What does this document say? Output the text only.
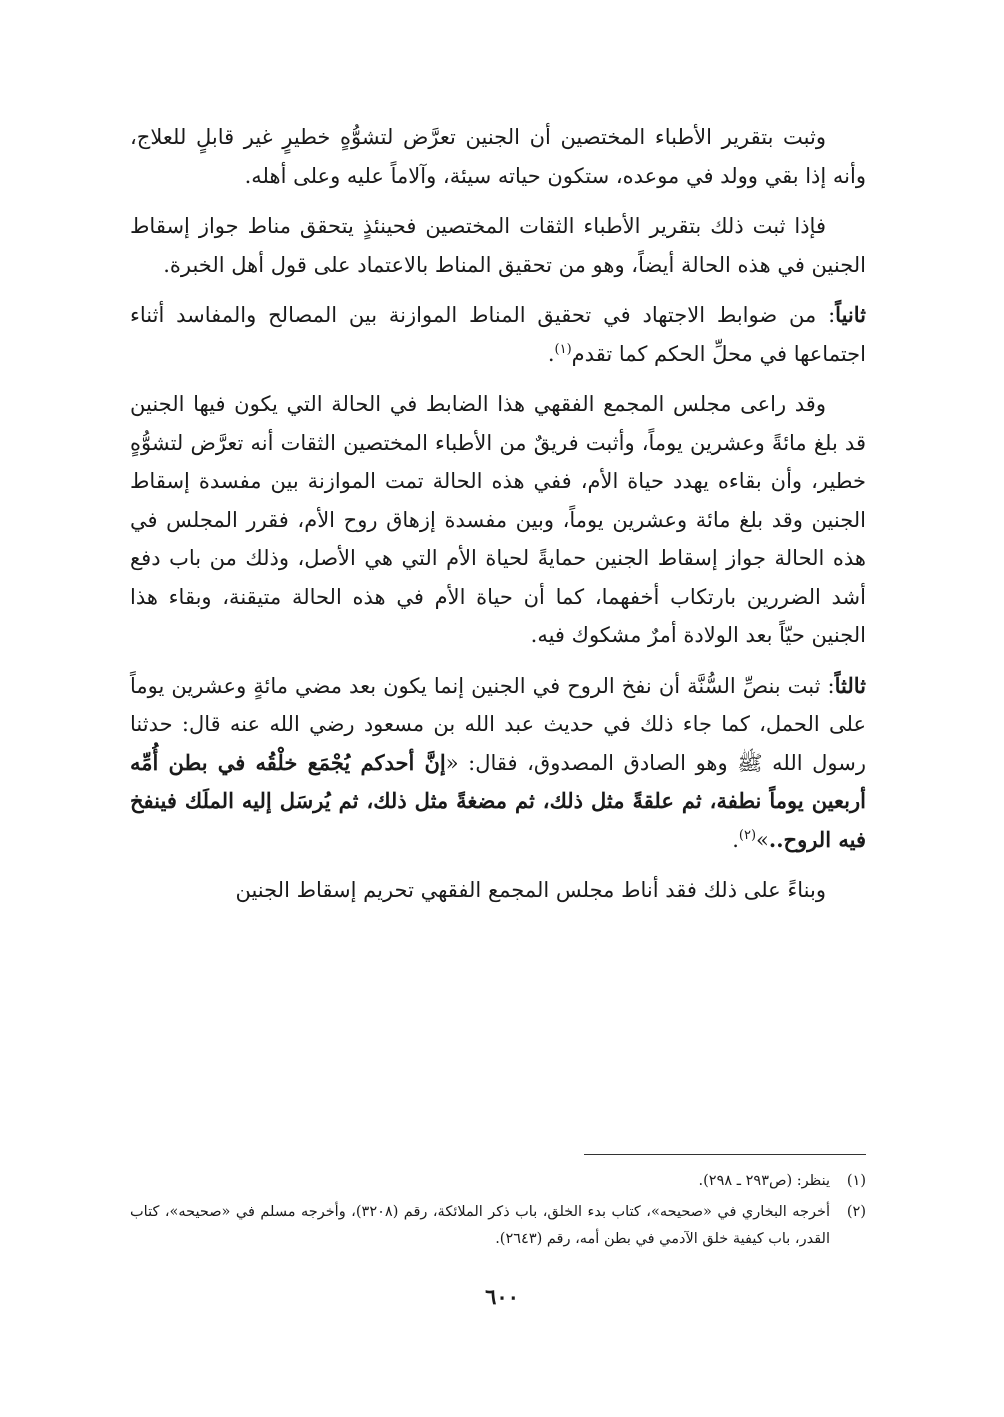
وثبت بتقرير الأطباء المختصين أن الجنين تعرَّض لتشوُّهٍ خطيرٍ غير قابلٍ للعلاج، وأنه إذا بقي وولد في موعده، ستكون حياته سيئة، وآلاماً عليه وعلى أهله.

فإذا ثبت ذلك بتقرير الأطباء الثقات المختصين فحينئذٍ يتحقق مناط جواز إسقاط الجنين في هذه الحالة أيضاً، وهو من تحقيق المناط بالاعتماد على قول أهل الخبرة.

ثانياً: من ضوابط الاجتهاد في تحقيق المناط الموازنة بين المصالح والمفاسد أثناء اجتماعها في محلِّ الحكم كما تقدم$^{(١)}$.

وقد راعى مجلس المجمع الفقهي هذا الضابط في الحالة التي يكون فيها الجنين قد بلغ مائةً وعشرين يوماً، وأثبت فريقٌ من الأطباء المختصين الثقات أنه تعرَّض لتشوُّهٍ خطير، وأن بقاءه يهدد حياة الأم، ففي هذه الحالة تمت الموازنة بين مفسدة إسقاط الجنين وقد بلغ مائة وعشرين يوماً، وبين مفسدة إزهاق روح الأم، فقرر المجلس في هذه الحالة جواز إسقاط الجنين حمايةً لحياة الأم التي هي الأصل، وذلك من باب دفع أشد الضررين بارتكاب أخفهما، كما أن حياة الأم في هذه الحالة متيقنة، وبقاء هذا الجنين حيّاً بعد الولادة أمرٌ مشكوك فيه.

ثالثاً: ثبت بنصِّ السُّنَّة أن نفخ الروح في الجنين إنما يكون بعد مضي مائةٍ وعشرين يوماً على الحمل، كما جاء ذلك في حديث عبد الله بن مسعود رضي الله عنه قال: حدثنا رسول الله ﷺ وهو الصادق المصدوق، فقال: «إنَّ أحدكم يُجْمَع خلْقُه في بطن أُمِّه أربعين يوماً نطفة، ثم علقةً مثل ذلك، ثم مضغةً مثل ذلك، ثم يُرسَل إليه الملَك فينفخ فيه الروح..»$^{(٢)}$.

وبناءً على ذلك فقد أناط مجلس المجمع الفقهي تحريم إسقاط الجنين

(١)
ينظر: (ص٢٩٣ ـ ٢٩٨).
(٢)
أخرجه البخاري في «صحيحه»، كتاب بدء الخلق، باب ذكر الملائكة، رقم (٣٢٠٨)، وأخرجه مسلم في «صحيحه»، كتاب القدر، باب كيفية خلق الآدمي في بطن أمه، رقم (٢٦٤٣).
٦٠٠
